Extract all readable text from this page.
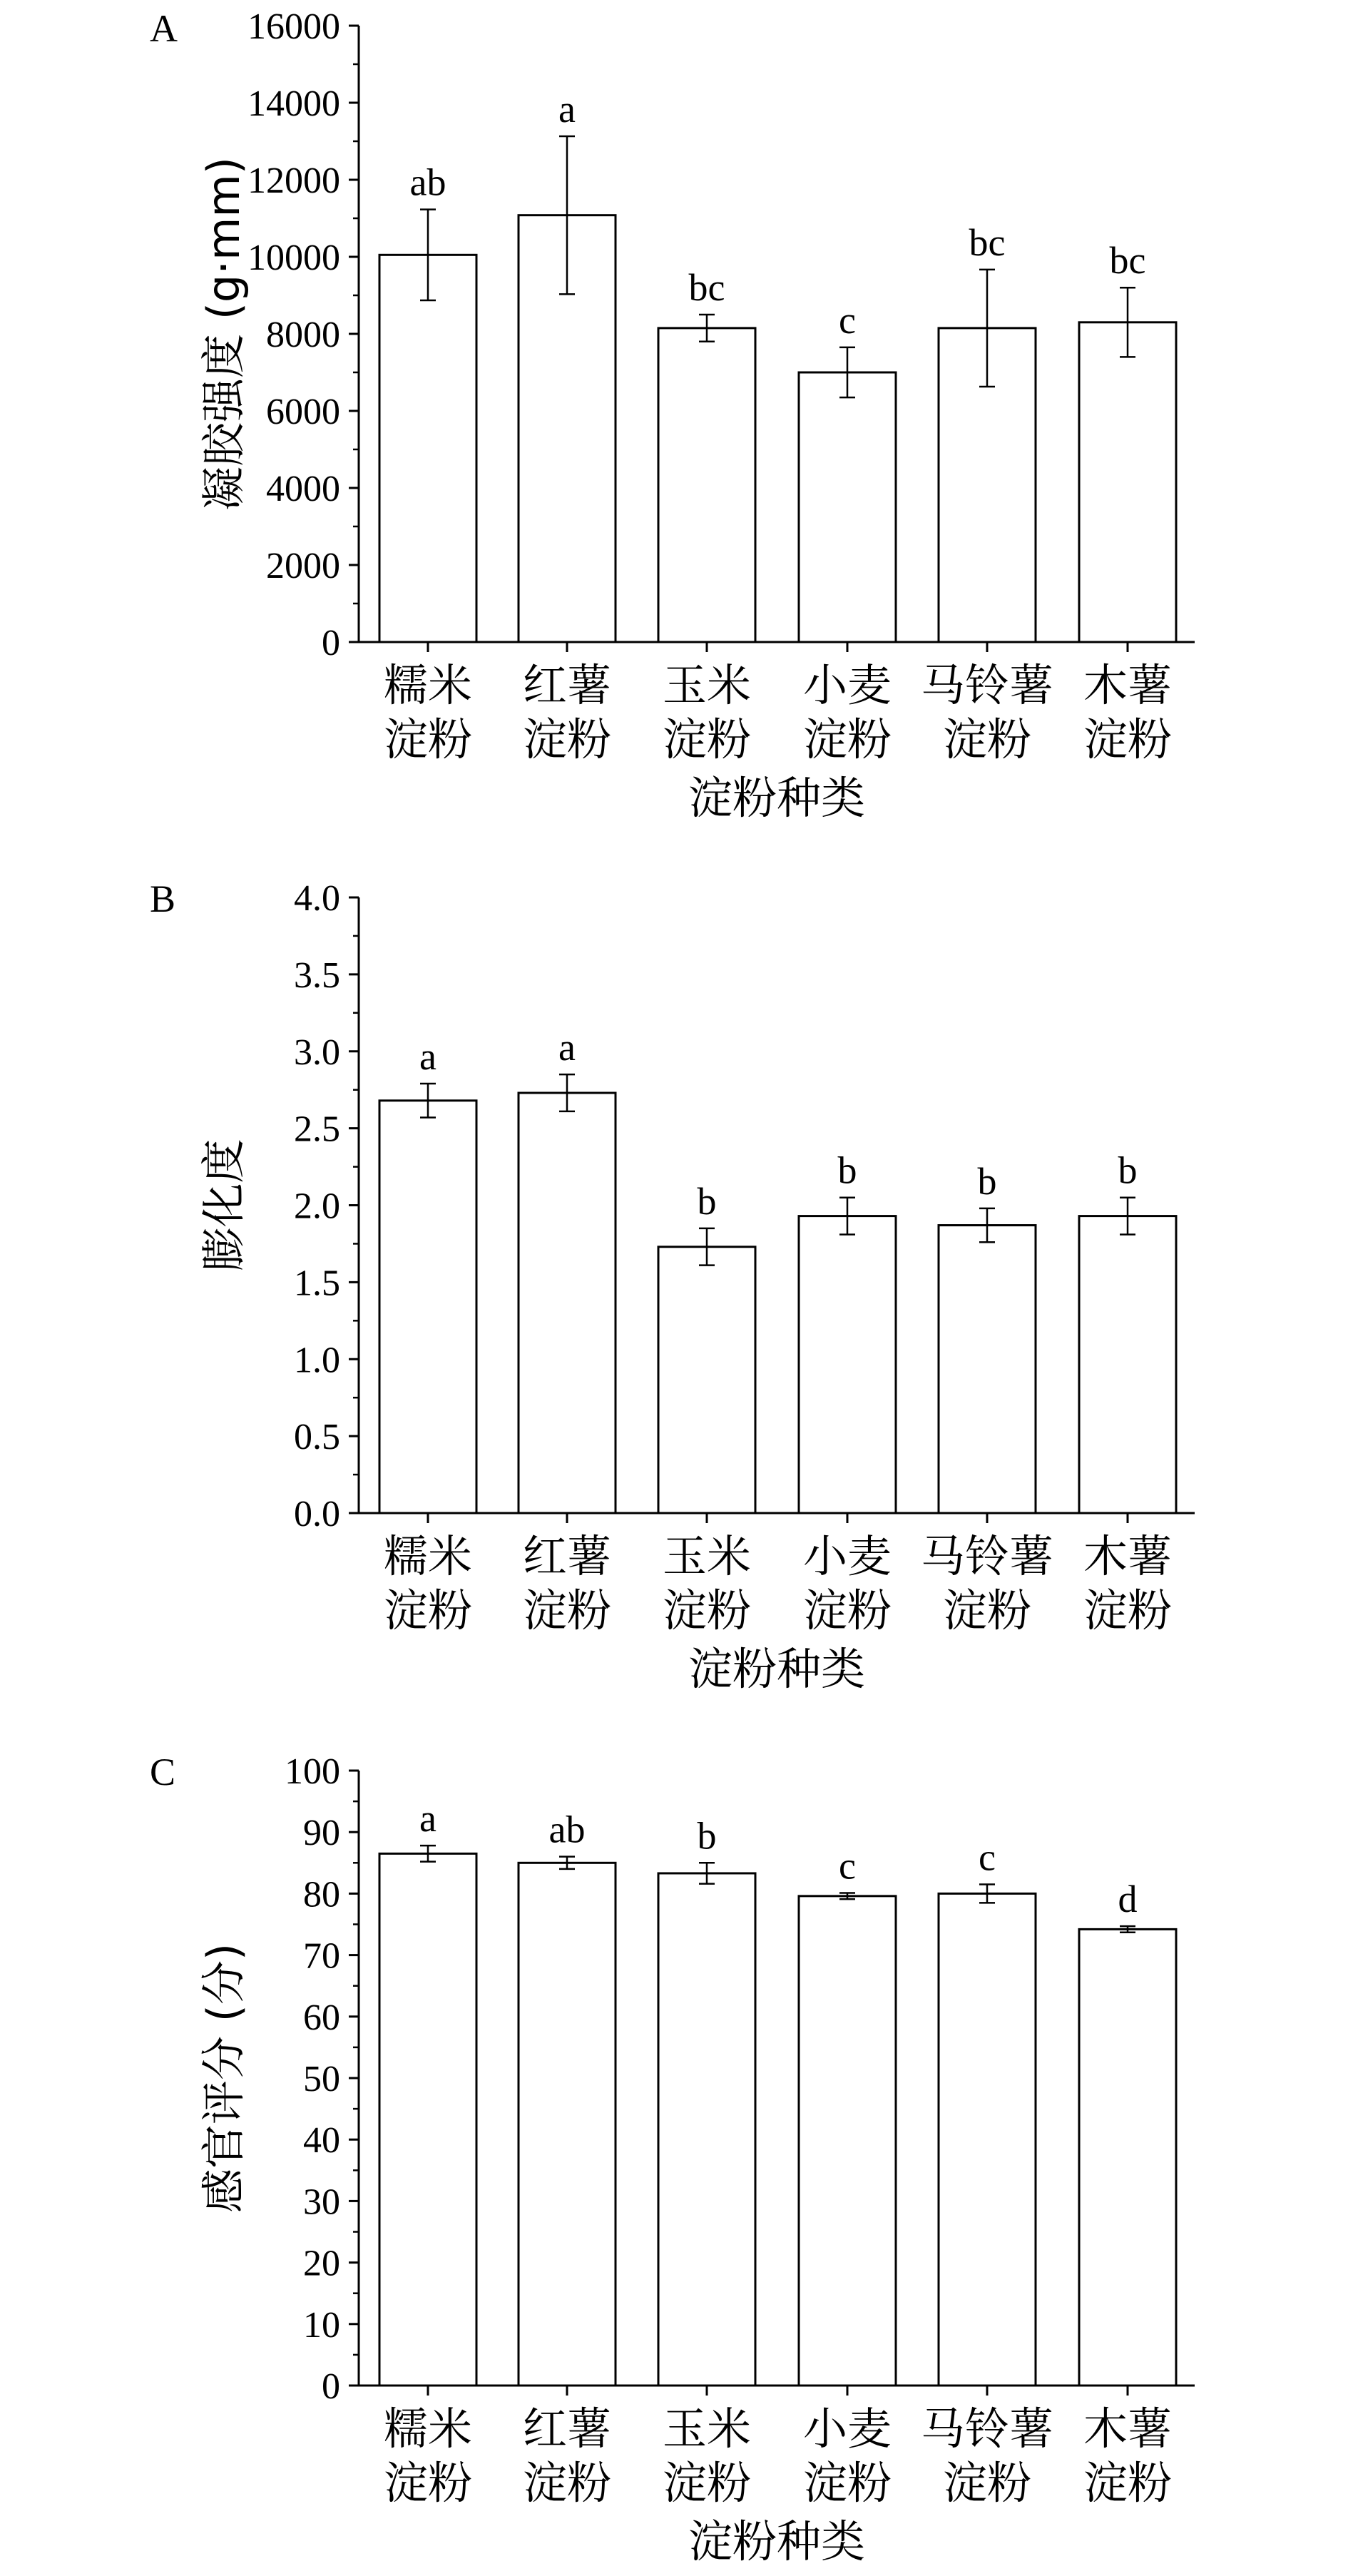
A
0
2000
4000
6000
8000
10000
12000
14000
16000
ab
糯米
淀粉
a
红薯
淀粉
bc
玉米
淀粉
c
小麦
淀粉
bc
马铃薯
淀粉
bc
木薯
淀粉
淀粉种类
凝胶强度 (g·mm)
B
0.0
0.5
1.0
1.5
2.0
2.5
3.0
3.5
4.0
a
糯米
淀粉
a
红薯
淀粉
b
玉米
淀粉
b
小麦
淀粉
b
马铃薯
淀粉
b
木薯
淀粉
淀粉种类
膨化度
C
0
10
20
30
40
50
60
70
80
90
100
a
糯米
淀粉
ab
红薯
淀粉
b
玉米
淀粉
c
小麦
淀粉
c
马铃薯
淀粉
d
木薯
淀粉
淀粉种类
感官评分 (分)
